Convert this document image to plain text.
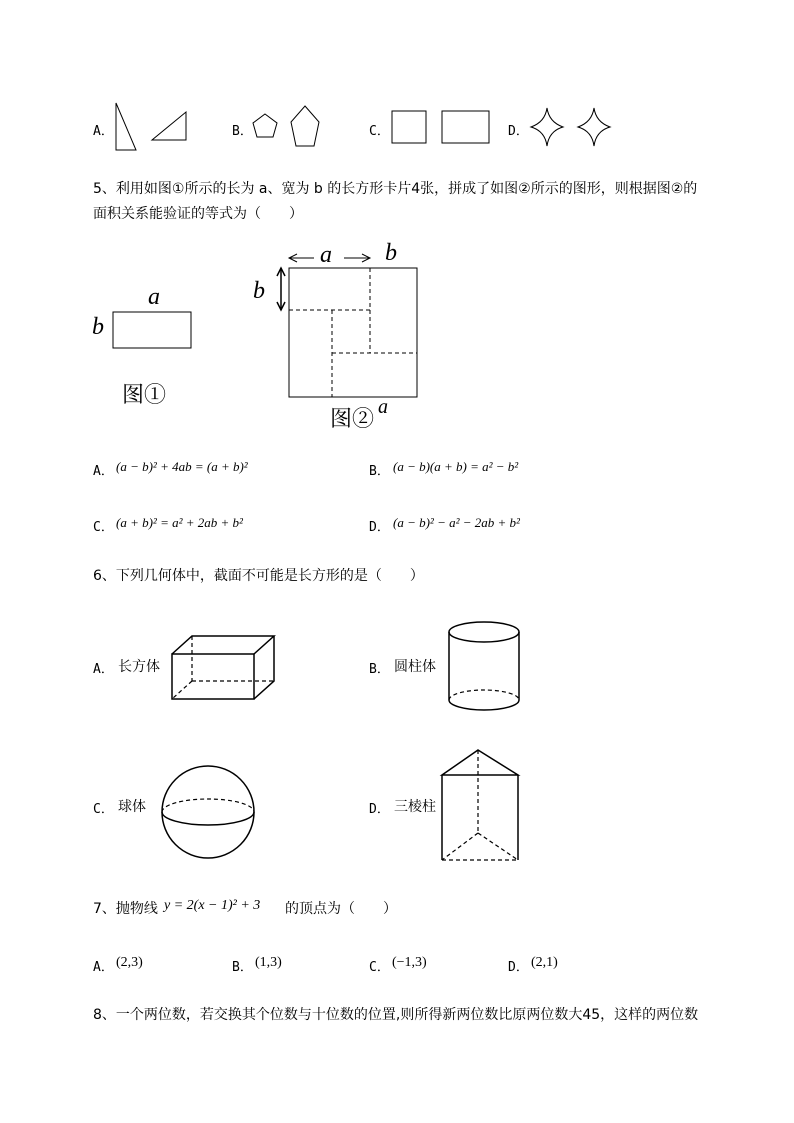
A．	B．	C．	D．
5、利用如图①所示的长为 a、宽为 b 的长方形卡片4张，拼成了如图②所示的图形，则根据图②的
面积关系能验证的等式为（　　）
a
b
图①
a b
b
图② a
A． (a − b)² + 4ab = (a + b)²	B． (a − b)(a + b) = a² − b²
C． (a + b)² = a² + 2ab + b²	D． (a − b)² − a² − 2ab + b²
6、下列几何体中，截面不可能是长方形的是（　　）
A． 长方体	B． 圆柱体
C． 球体	D． 三棱柱
7、抛物线 y = 2(x − 1)² + 3 的顶点为（　　）
A． (2,3)	B． (1,3)	C． (−1,3)	D． (2,1)
8、一个两位数，若交换其个位数与十位数的位置,则所得新两位数比原两位数大45，这样的两位数
